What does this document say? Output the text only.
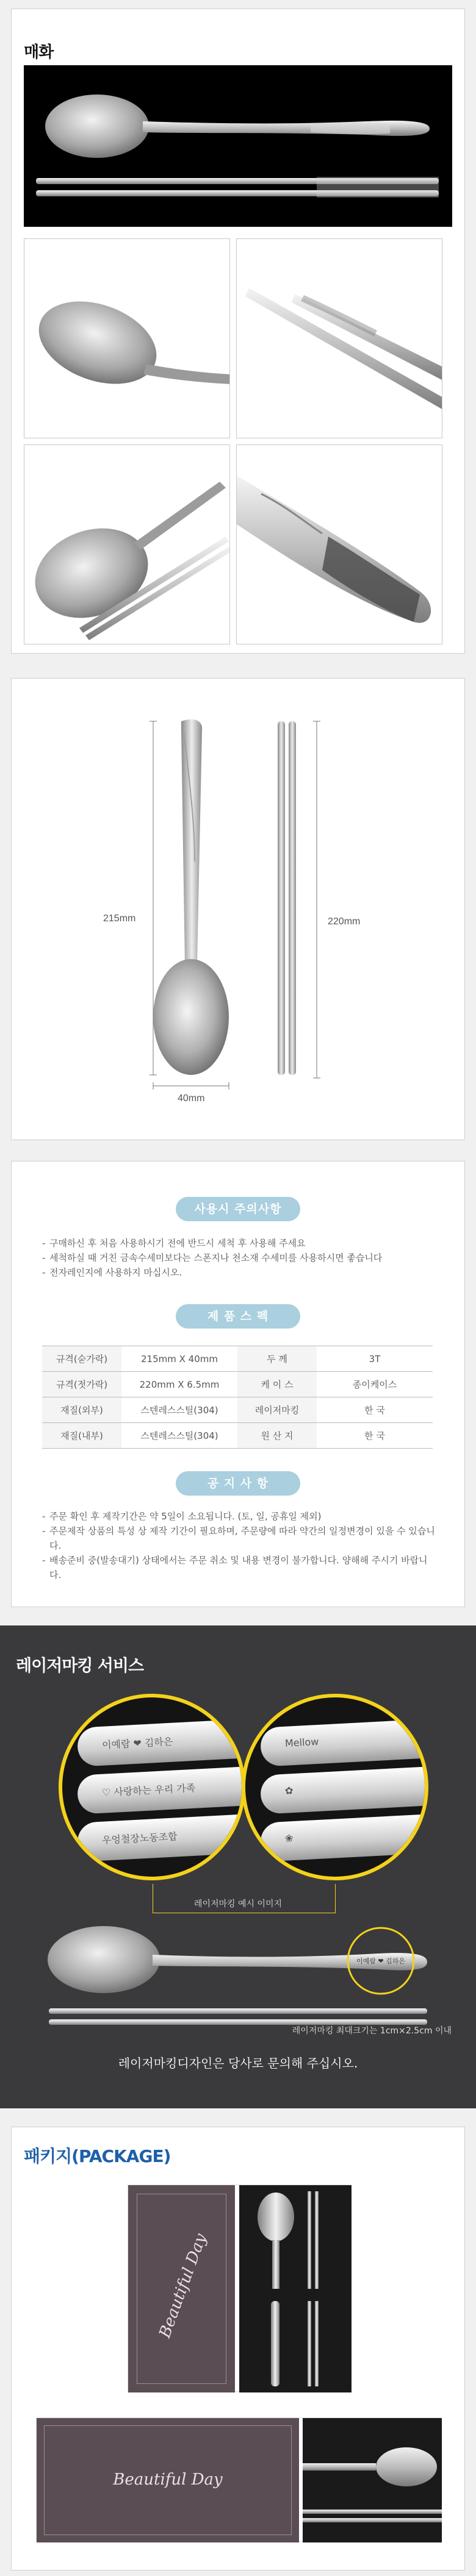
매화
215mm	220mm
40mm
사용시 주의사항
- 구매하신 후 처음 사용하시기 전에 반드시 세척 후 사용해 주세요
- 세척하실 때 거친 금속수세미보다는 스폰지나 천소재 수세미를 사용하시면 좋습니다
- 전자레인지에 사용하지 마십시오.
제 품 스 펙
규격(숟가락)	215mm X 40mm	두 께	3T
규격(젓가락)	220mm X 6.5mm	케 이 스	종이케이스
재질(외부)	스텐레스스틸(304)	레이저마킹	한 국
재질(내부)	스텐레스스틸(304)	원 산 지	한 국
공 지 사 항
- 주문 확인 후 제작기간은 약 5일이 소요됩니다. (토, 일, 공휴일 제외)
- 주문제작 상품의 특성 상 제작 기간이 필요하며, 주문량에 따라 약간의 일정변경이 있을 수 있습니다.
- 배송준비 중(발송대기) 상태에서는 주문 취소 및 내용 변경이 불가합니다. 양해해 주시기 바랍니다.
레이저마킹 서비스
이예람 ❤ 김하은
♡ 사랑하는 우리 가족
우엉철장노동조합
Mellow
✿
❀
레이저마킹 예시 이미지
이예람 ❤ 김하은
레이저마킹 최대크기는 1cm×2.5cm 이내
레이저마킹디자인은 당사로 문의해 주십시오.
패키지(PACKAGE)
Beautiful Day
Beautiful Day
